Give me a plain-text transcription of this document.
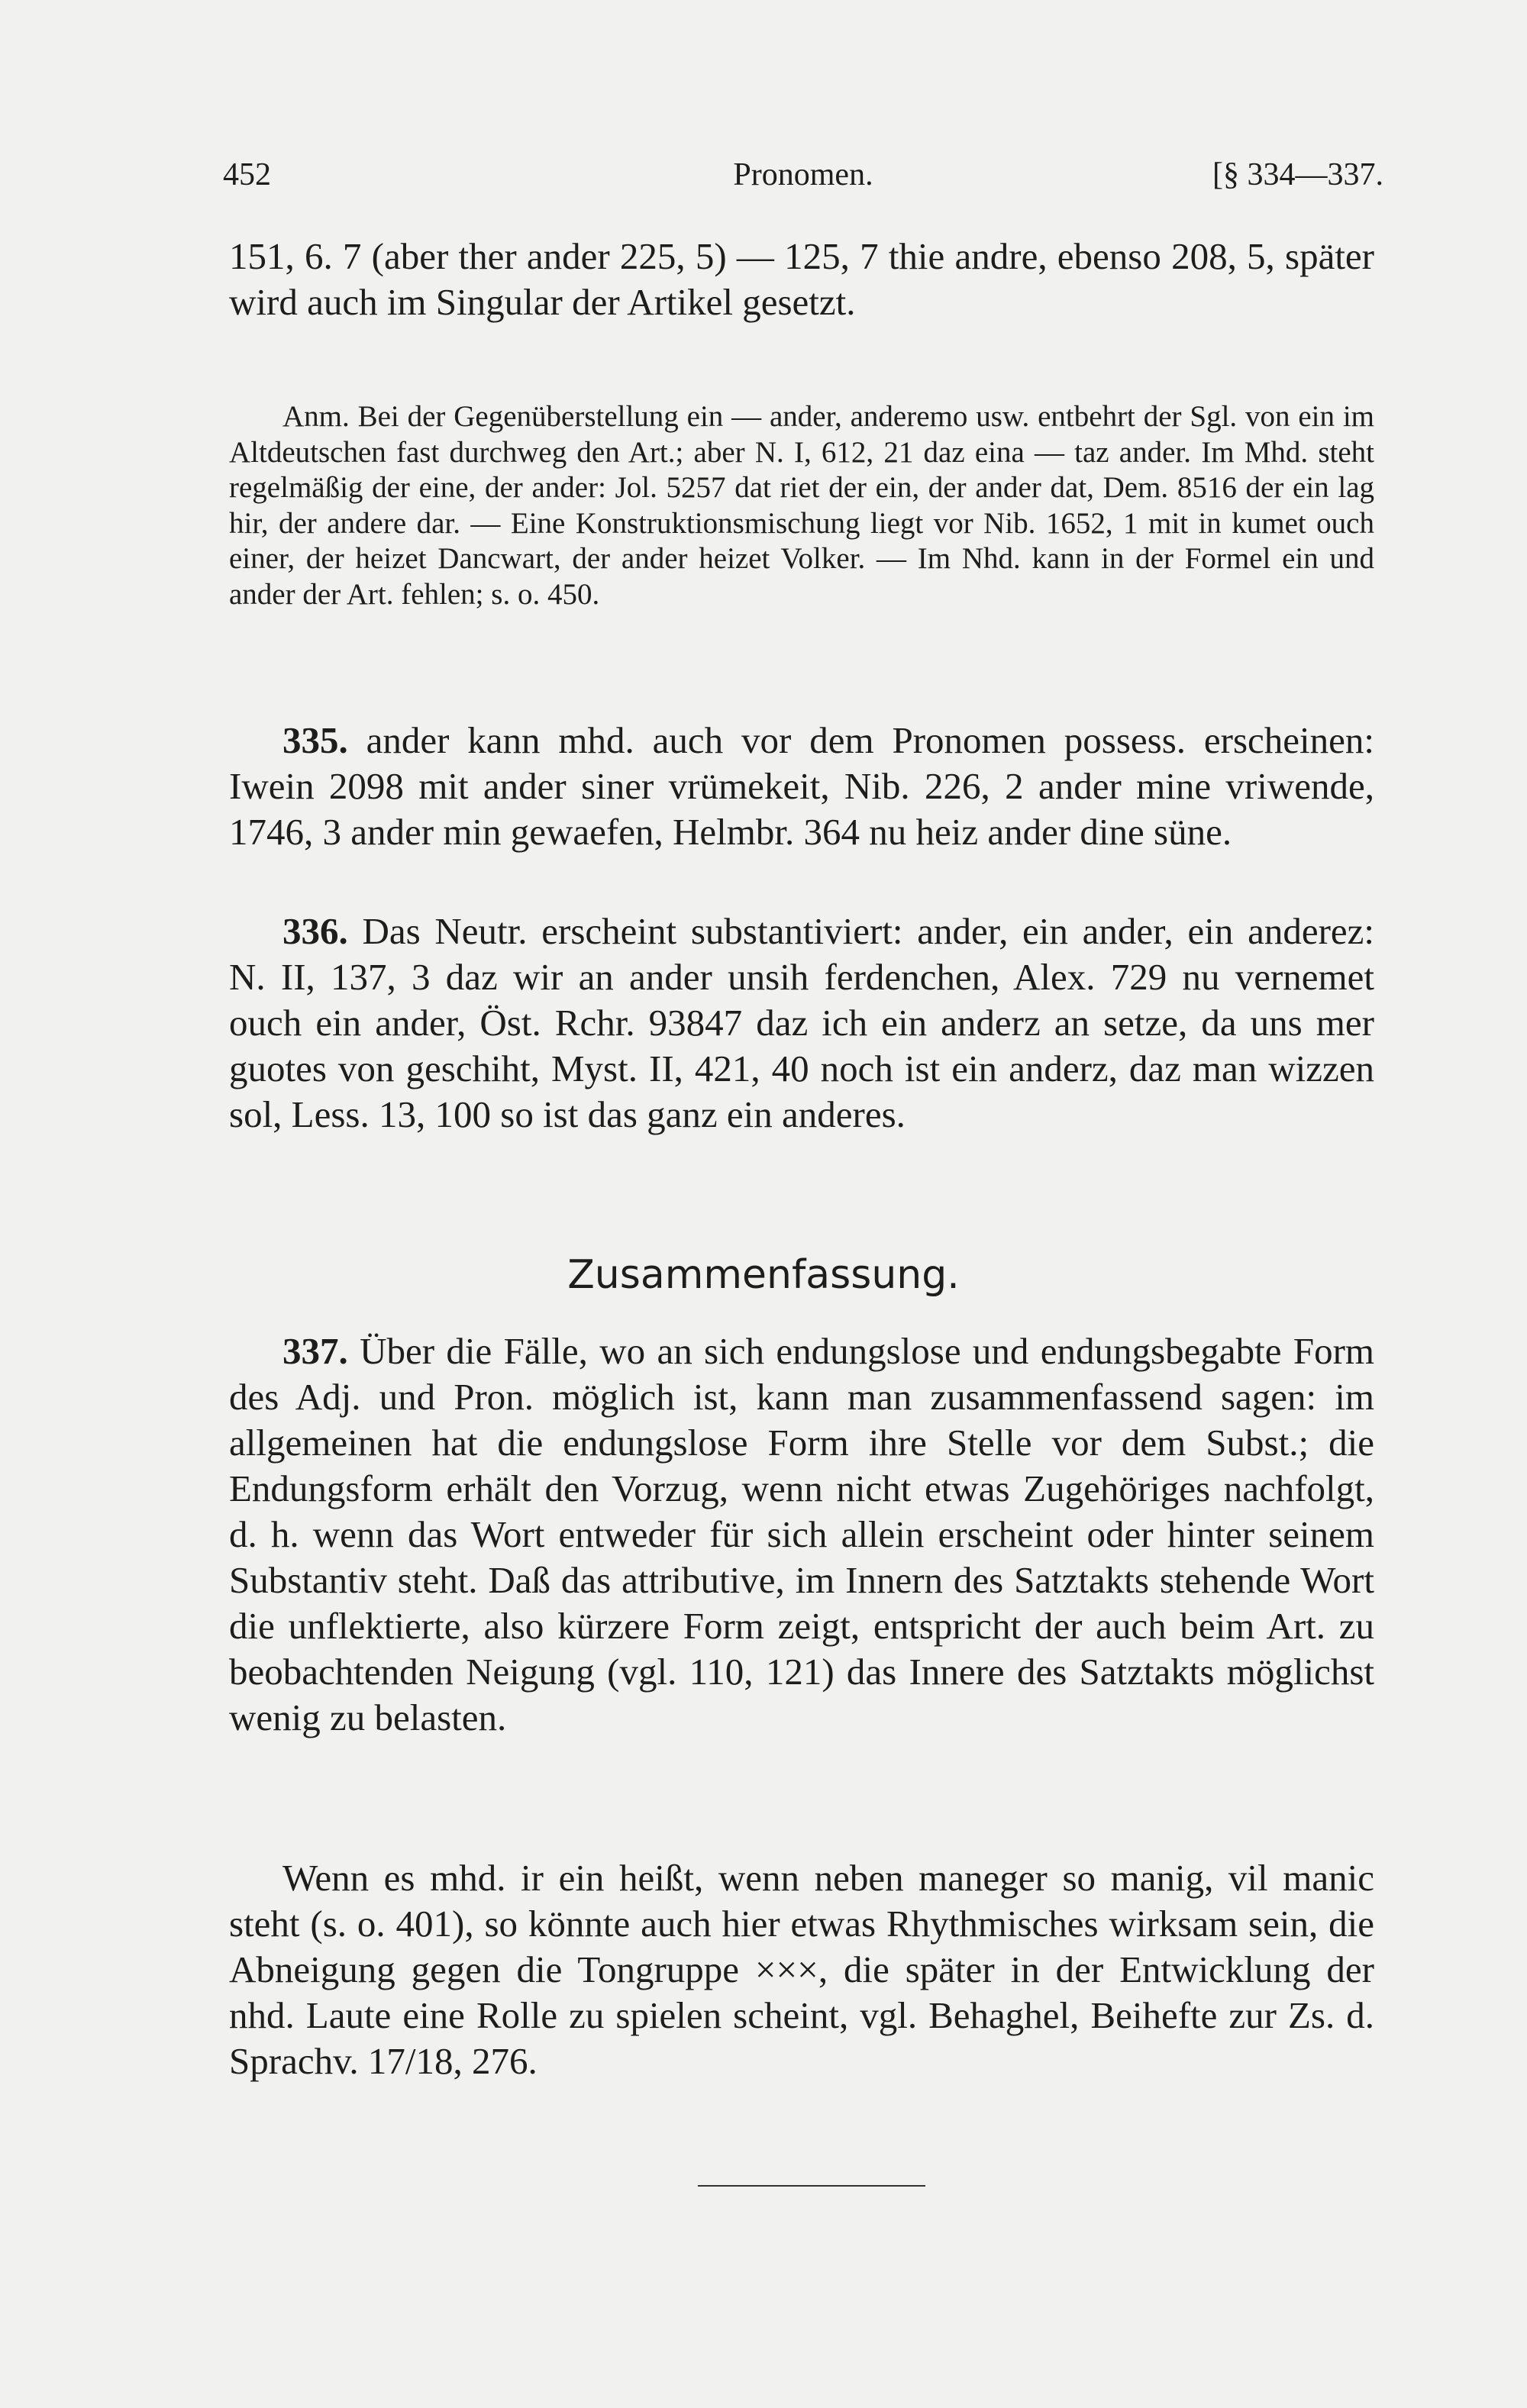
452	Pronomen.	[§ 334—337.

151, 6. 7 (aber ther ander 225, 5) — 125, 7 thie andre, ebenso 208, 5, später wird auch im Singular der Artikel gesetzt.

Anm. Bei der Gegenüberstellung ein — ander, anderemo usw. entbehrt der Sgl. von ein im Altdeutschen fast durchweg den Art.; aber N. I, 612, 21 daz eina — taz ander. Im Mhd. steht regelmäßig der eine, der ander: Jol. 5257 dat riet der ein, der ander dat, Dem. 8516 der ein lag hir, der andere dar. — Eine Konstruktionsmischung liegt vor Nib. 1652, 1 mit in kumet ouch einer, der heizet Dancwart, der ander heizet Volker. — Im Nhd. kann in der Formel ein und ander der Art. fehlen; s. o. 450.

335. ander kann mhd. auch vor dem Pronomen possess. erscheinen: Iwein 2098 mit ander siner vrümekeit, Nib. 226, 2 ander mine vriwende, 1746, 3 ander min gewaefen, Helmbr. 364 nu heiz ander dine süne.
336. Das Neutr. erscheint substantiviert: ander, ein ander, ein anderez: N. II, 137, 3 daz wir an ander unsih ferdenchen, Alex. 729 nu vernemet ouch ein ander, Öst. Rchr. 93847 daz ich ein anderz an setze, da uns mer guotes von geschiht, Myst. II, 421, 40 noch ist ein anderz, daz man wizzen sol, Less. 13, 100 so ist das ganz ein anderes.
Zusammenfassung.
337. Über die Fälle, wo an sich endungslose und endungsbegabte Form des Adj. und Pron. möglich ist, kann man zusammenfassend sagen: im allgemeinen hat die endungslose Form ihre Stelle vor dem Subst.; die Endungsform erhält den Vorzug, wenn nicht etwas Zugehöriges nachfolgt, d. h. wenn das Wort entweder für sich allein erscheint oder hinter seinem Substantiv steht. Daß das attributive, im Innern des Satztakts stehende Wort die unflektierte, also kürzere Form zeigt, entspricht der auch beim Art. zu beobachtenden Neigung (vgl. 110, 121) das Innere des Satztakts möglichst wenig zu belasten.

Wenn es mhd. ir ein heißt, wenn neben maneger so manig, vil manic steht (s. o. 401), so könnte auch hier etwas Rhythmisches wirksam sein, die Abneigung gegen die Tongruppe ×××, die später in der Entwicklung der nhd. Laute eine Rolle zu spielen scheint, vgl. Behaghel, Beihefte zur Zs. d. Sprachv. 17/18, 276.
